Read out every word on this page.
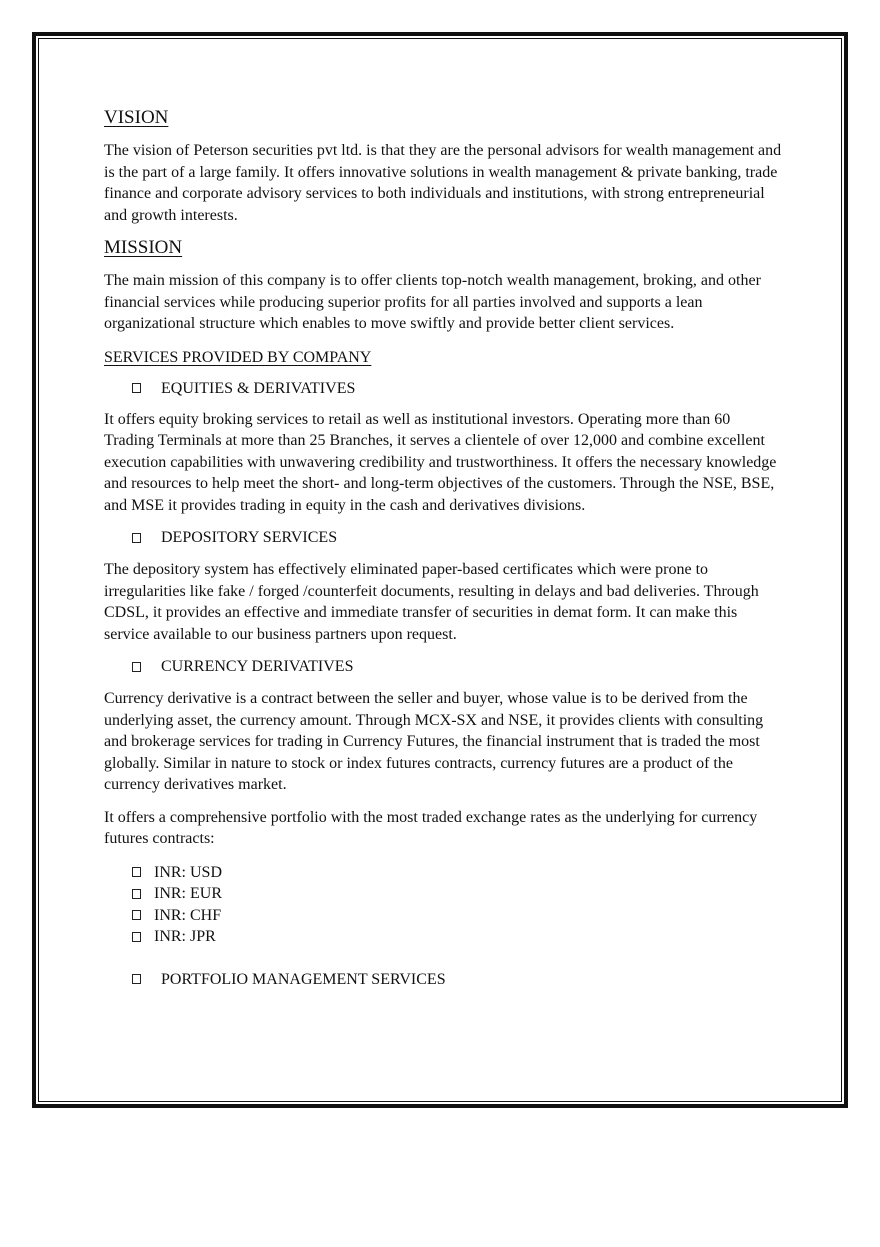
VISION

The vision of Peterson securities pvt ltd. is that they are the personal advisors for wealth management and is the part of a large family. It offers innovative solutions in wealth management & private banking, trade finance and corporate advisory services to both individuals and institutions, with strong entrepreneurial and growth interests.

MISSION

The main mission of this company is to offer clients top-notch wealth management, broking, and other financial services while producing superior profits for all parties involved and supports a lean organizational structure which enables to move swiftly and provide better client services.

SERVICES PROVIDED BY COMPANY

EQUITIES & DERIVATIVES

It offers equity broking services to retail as well as institutional investors. Operating more than 60 Trading Terminals at more than 25 Branches, it serves a clientele of over 12,000 and combine excellent execution capabilities with unwavering credibility and trustworthiness. It offers the necessary knowledge and resources to help meet the short- and long-term objectives of the customers. Through the NSE, BSE, and MSE it provides trading in equity in the cash and derivatives divisions.

DEPOSITORY SERVICES

The depository system has effectively eliminated paper-based certificates which were prone to irregularities like fake / forged /counterfeit documents, resulting in delays and bad deliveries. Through CDSL, it provides an effective and immediate transfer of securities in demat form. It can make this service available to our business partners upon request.

CURRENCY DERIVATIVES

Currency derivative is a contract between the seller and buyer, whose value is to be derived from the underlying asset, the currency amount. Through MCX-SX and NSE, it provides clients with consulting and brokerage services for trading in Currency Futures, the financial instrument that is traded the most globally. Similar in nature to stock or index futures contracts, currency futures are a product of the currency derivatives market.

It offers a comprehensive portfolio with the most traded exchange rates as the underlying for currency futures contracts:

INR: USD
INR: EUR
INR: CHF
INR: JPR
PORTFOLIO MANAGEMENT SERVICES
